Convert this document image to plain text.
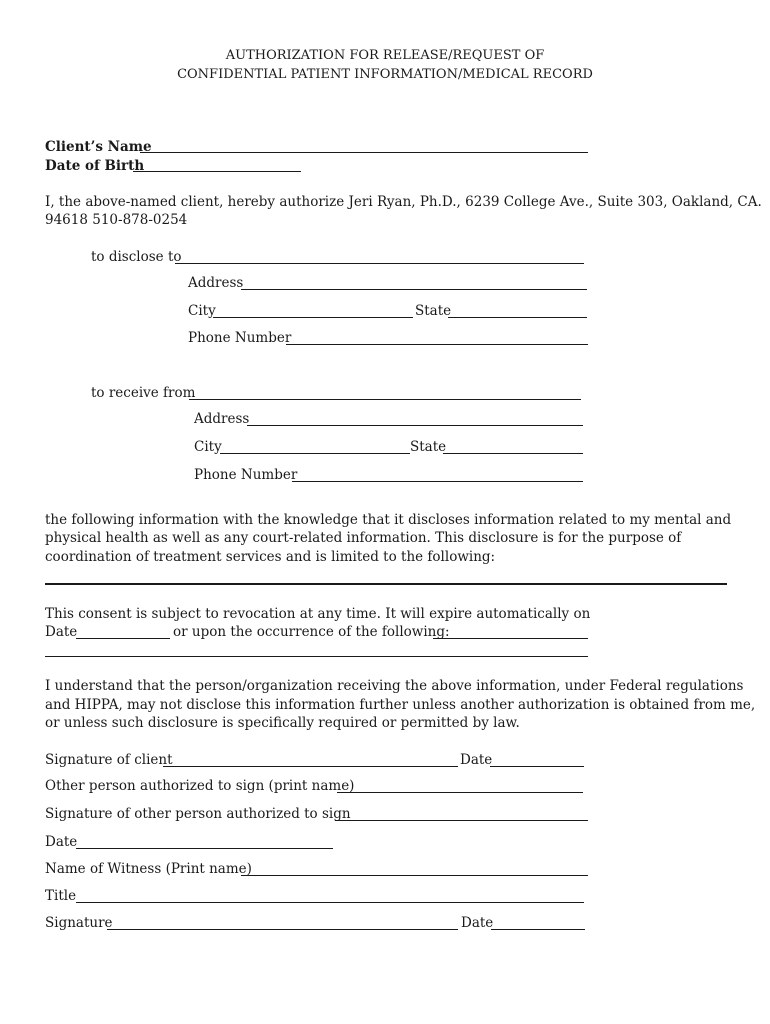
AUTHORIZATION FOR RELEASE/REQUEST OF
CONFIDENTIAL PATIENT INFORMATION/MEDICAL RECORD
Client’s Name
Date of Birth
I, the above-named client, hereby authorize Jeri Ryan, Ph.D., 6239 College Ave., Suite 303, Oakland, CA.
94618 510-878-0254
to disclose to
Address
City	State
Phone Number
to receive from
Address
City	State
Phone Number
the following information with the knowledge that it discloses information related to my mental and
physical health as well as any court-related information. This disclosure is for the purpose of
coordination of treatment services and is limited to the following:
This consent is subject to revocation at any time. It will expire automatically on
Date	or upon the occurrence of the following:
I understand that the person/organization receiving the above information, under Federal regulations
and HIPPA, may not disclose this information further unless another authorization is obtained from me,
or unless such disclosure is specifically required or permitted by law.
Signature of client	Date
Other person authorized to sign (print name)
Signature of other person authorized to sign
Date
Name of Witness (Print name)
Title
Signature	Date
